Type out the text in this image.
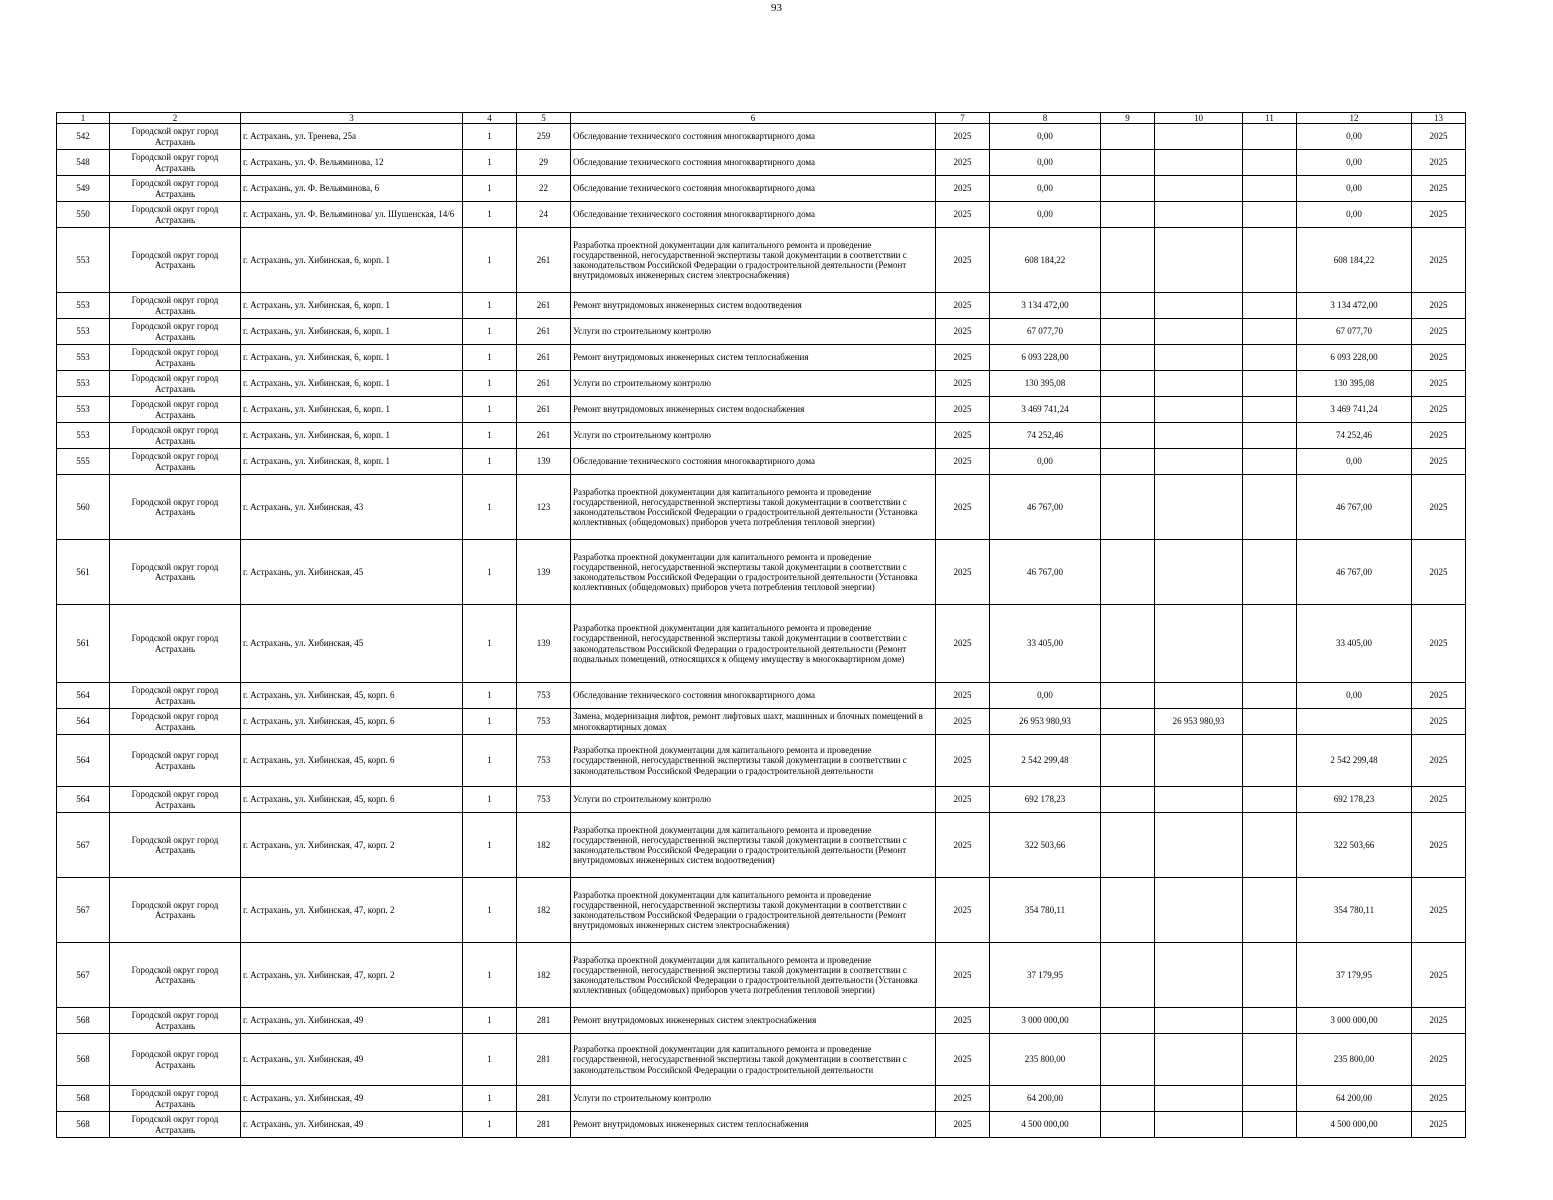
93
1	2	3	4	5	6	7	8	9	10	11	12	13
542	Городской округ город Астрахань	г. Астрахань, ул. Тренева, 25а	1	259	Обследование технического состояния многоквартирного дома	2025	0,00				0,00	2025
548	Городской округ город Астрахань	г. Астрахань, ул. Ф. Вельяминова, 12	1	29	Обследование технического состояния многоквартирного дома	2025	0,00				0,00	2025
549	Городской округ город Астрахань	г. Астрахань, ул. Ф. Вельяминова, 6	1	22	Обследование технического состояния многоквартирного дома	2025	0,00				0,00	2025
550	Городской округ город Астрахань	г. Астрахань, ул. Ф. Вельяминова/ ул. Шушенская, 14/6	1	24	Обследование технического состояния многоквартирного дома	2025	0,00				0,00	2025
553	Городской округ город Астрахань	г. Астрахань, ул. Хибинская, 6, корп. 1	1	261	Разработка проектной документации для капитального ремонта и проведение государственной, негосударственной экспертизы такой документации в соответствии с законодательством Российской Федерации о градостроительной деятельности (Ремонт внутридомовых инженерных систем электроснабжения)	2025	608 184,22				608 184,22	2025
553	Городской округ город Астрахань	г. Астрахань, ул. Хибинская, 6, корп. 1	1	261	Ремонт внутридомовых инженерных систем водоотведения	2025	3 134 472,00				3 134 472,00	2025
553	Городской округ город Астрахань	г. Астрахань, ул. Хибинская, 6, корп. 1	1	261	Услуги по строительному контролю	2025	67 077,70				67 077,70	2025
553	Городской округ город Астрахань	г. Астрахань, ул. Хибинская, 6, корп. 1	1	261	Ремонт внутридомовых инженерных систем теплоснабжения	2025	6 093 228,00				6 093 228,00	2025
553	Городской округ город Астрахань	г. Астрахань, ул. Хибинская, 6, корп. 1	1	261	Услуги по строительному контролю	2025	130 395,08				130 395,08	2025
553	Городской округ город Астрахань	г. Астрахань, ул. Хибинская, 6, корп. 1	1	261	Ремонт внутридомовых инженерных систем водоснабжения	2025	3 469 741,24				3 469 741,24	2025
553	Городской округ город Астрахань	г. Астрахань, ул. Хибинская, 6, корп. 1	1	261	Услуги по строительному контролю	2025	74 252,46				74 252,46	2025
555	Городской округ город Астрахань	г. Астрахань, ул. Хибинская, 8, корп. 1	1	139	Обследование технического состояния многоквартирного дома	2025	0,00				0,00	2025
560	Городской округ город Астрахань	г. Астрахань, ул. Хибинская, 43	1	123	Разработка проектной документации для капитального ремонта и проведение государственной, негосударственной экспертизы такой документации в соответствии с законодательством Российской Федерации о градостроительной деятельности (Установка коллективных (общедомовых) приборов учета потребления тепловой энергии)	2025	46 767,00				46 767,00	2025
561	Городской округ город Астрахань	г. Астрахань, ул. Хибинская, 45	1	139	Разработка проектной документации для капитального ремонта и проведение государственной, негосударственной экспертизы такой документации в соответствии с законодательством Российской Федерации о градостроительной деятельности (Установка коллективных (общедомовых) приборов учета потребления тепловой энергии)	2025	46 767,00				46 767,00	2025
561	Городской округ город Астрахань	г. Астрахань, ул. Хибинская, 45	1	139	Разработка проектной документации для капитального ремонта и проведение государственной, негосударственной экспертизы такой документации в соответствии с законодательством Российской Федерации о градостроительной деятельности (Ремонт подвальных помещений, относящихся к общему имуществу в многоквартирном доме)	2025	33 405,00				33 405,00	2025
564	Городской округ город Астрахань	г. Астрахань, ул. Хибинская, 45, корп. 6	1	753	Обследование технического состояния многоквартирного дома	2025	0,00				0,00	2025
564	Городской округ город Астрахань	г. Астрахань, ул. Хибинская, 45, корп. 6	1	753	Замена, модернизация лифтов, ремонт лифтовых шахт, машинных и блочных помещений в многоквартирных домах	2025	26 953 980,93		26 953 980,93			2025
564	Городской округ город Астрахань	г. Астрахань, ул. Хибинская, 45, корп. 6	1	753	Разработка проектной документации для капитального ремонта и проведение государственной, негосударственной экспертизы такой документации в соответствии с законодательством Российской Федерации о градостроительной деятельности	2025	2 542 299,48				2 542 299,48	2025
564	Городской округ город Астрахань	г. Астрахань, ул. Хибинская, 45, корп. 6	1	753	Услуги по строительному контролю	2025	692 178,23				692 178,23	2025
567	Городской округ город Астрахань	г. Астрахань, ул. Хибинская, 47, корп. 2	1	182	Разработка проектной документации для капитального ремонта и проведение государственной, негосударственной экспертизы такой документации в соответствии с законодательством Российской Федерации о градостроительной деятельности (Ремонт внутридомовых инженерных систем водоотведения)	2025	322 503,66				322 503,66	2025
567	Городской округ город Астрахань	г. Астрахань, ул. Хибинская, 47, корп. 2	1	182	Разработка проектной документации для капитального ремонта и проведение государственной, негосударственной экспертизы такой документации в соответствии с законодательством Российской Федерации о градостроительной деятельности (Ремонт внутридомовых инженерных систем электроснабжения)	2025	354 780,11				354 780,11	2025
567	Городской округ город Астрахань	г. Астрахань, ул. Хибинская, 47, корп. 2	1	182	Разработка проектной документации для капитального ремонта и проведение государственной, негосударственной экспертизы такой документации в соответствии с законодательством Российской Федерации о градостроительной деятельности (Установка коллективных (общедомовых) приборов учета потребления тепловой энергии)	2025	37 179,95				37 179,95	2025
568	Городской округ город Астрахань	г. Астрахань, ул. Хибинская, 49	1	281	Ремонт внутридомовых инженерных систем электроснабжения	2025	3 000 000,00				3 000 000,00	2025
568	Городской округ город Астрахань	г. Астрахань, ул. Хибинская, 49	1	281	Разработка проектной документации для капитального ремонта и проведение государственной, негосударственной экспертизы такой документации в соответствии с законодательством Российской Федерации о градостроительной деятельности	2025	235 800,00				235 800,00	2025
568	Городской округ город Астрахань	г. Астрахань, ул. Хибинская, 49	1	281	Услуги по строительному контролю	2025	64 200,00				64 200,00	2025
568	Городской округ город Астрахань	г. Астрахань, ул. Хибинская, 49	1	281	Ремонт внутридомовых инженерных систем теплоснабжения	2025	4 500 000,00				4 500 000,00	2025
